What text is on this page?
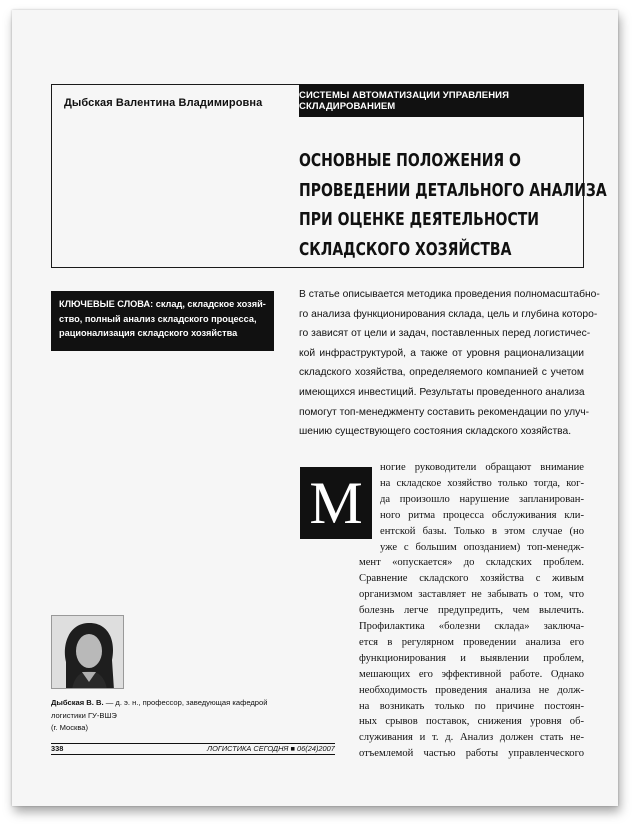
Дыбская Валентина Владимировна
СИСТЕМЫ АВТОМАТИЗАЦИИ УПРАВЛЕНИЯ СКЛАДИРОВАНИЕМ
ОСНОВНЫЕ ПОЛОЖЕНИЯ О
ПРОВЕДЕНИИ ДЕТАЛЬНОГО АНАЛИЗА
ПРИ ОЦЕНКЕ ДЕЯТЕЛЬНОСТИ
СКЛАДСКОГО ХОЗЯЙСТВА
КЛЮЧЕВЫЕ СЛОВА: склад, складское хозяй-
ство, полный анализ складского процесса,
рационализация складского хозяйства
В статье описывается методика проведения полномасштабно-
го анализа функционирования склада, цель и глубина которо-
го зависят от цели и задач, поставленных перед логистичес-
кой инфраструктурой, а также от уровня рационализации
складского хозяйства, определяемого компанией с учетом
имеющихся инвестиций. Результаты проведенного анализа
помогут топ-менеджменту составить рекомендации по улуч-
шению существующего состояния складского хозяйства.
М
ногие руководители обращают внимание
на складское хозяйство только тогда, ког-
да произошло нарушение запланирован-
ного ритма процесса обслуживания кли-
ентской базы. Только в этом случае (но
уже с большим опозданием) топ-менедж-
мент «опускается» до складских проблем.
Сравнение складского хозяйства с живым
организмом заставляет не забывать о том, что
болезнь легче предупредить, чем вылечить.
Профилактика «болезни склада» заключа-
ется в регулярном проведении анализа его
функционирования и выявлении проблем,
мешающих его эффективной работе. Однако
необходимость проведения анализа не долж-
на возникать только по причине постоян-
ных срывов поставок, снижения уровня об-
служивания и т. д. Анализ должен стать не-
отъемлемой частью работы управленческого
Дыбская В. В. — д. э. н., профессор, заведующая кафедрой логистики ГУ-ВШЭ
(г. Москва)
338	ЛОГИСТИКА СЕГОДНЯ ■ 06(24)2007
